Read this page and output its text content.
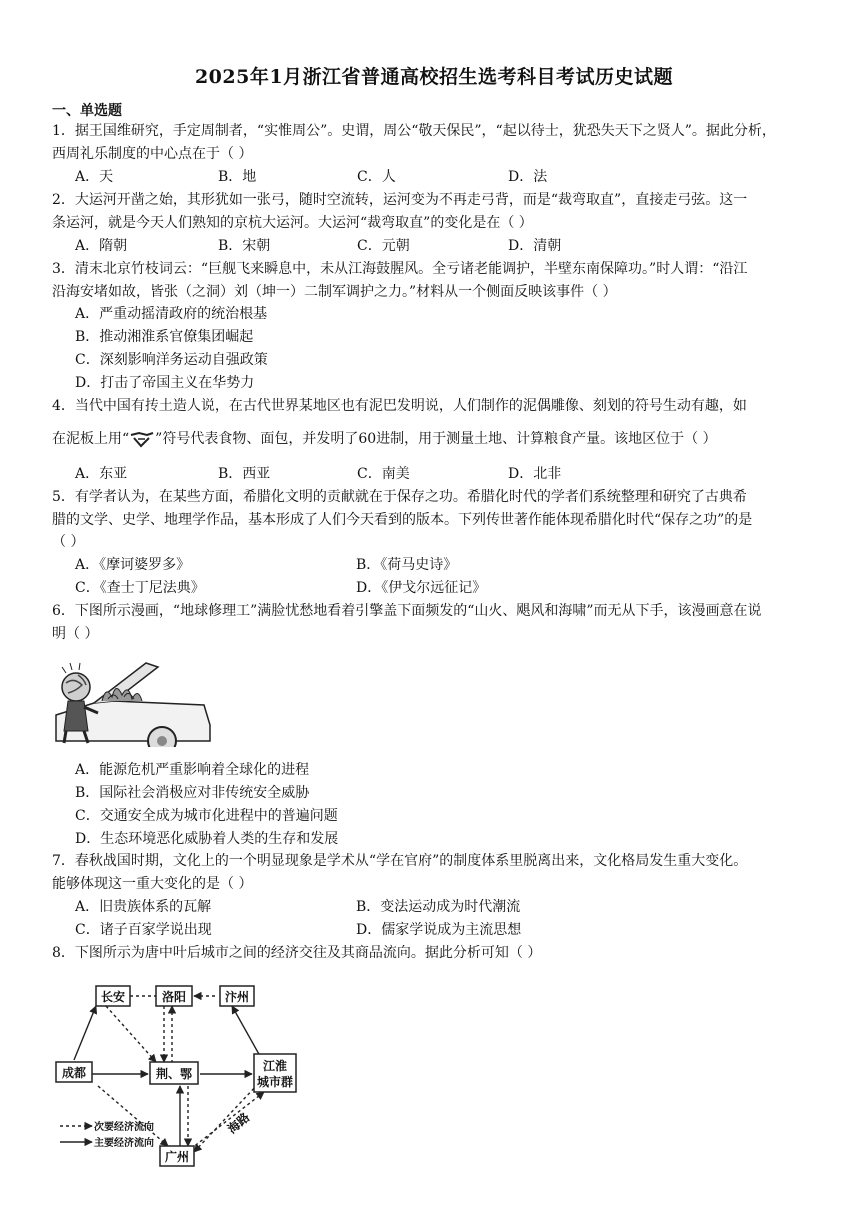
2025年1月浙江省普通高校招生选考科目考试历史试题
一、单选题
1．据王国维研究，手定周制者，“实惟周公”。史谓，周公“敬天保民”，“起以待士，犹恐失天下之贤人”。据此分析，
西周礼乐制度的中心点在于（ ）
A．天	B．地	C．人	D．法
2．大运河开凿之始，其形犹如一张弓，随时空流转，运河变为不再走弓背，而是“裁弯取直”，直接走弓弦。这一
条运河，就是今天人们熟知的京杭大运河。大运河“裁弯取直”的变化是在（ ）
A．隋朝	B．宋朝	C．元朝	D．清朝
3．清末北京竹枝词云：“巨舰飞来瞬息中，未从江海鼓腥风。全亏诸老能调护，半壁东南保障功。”时人谓：“沿江
沿海安堵如故，皆张（之洞）刘（坤一）二制军调护之力。”材料从一个侧面反映该事件（ ）
A．严重动摇清政府的统治根基
B．推动湘淮系官僚集团崛起
C．深刻影响洋务运动自强政策
D．打击了帝国主义在华势力
4．当代中国有抟土造人说，在古代世界某地区也有泥巴发明说，人们制作的泥偶雕像、刻划的符号生动有趣，如
在泥板上用“ ”符号代表食物、面包，并发明了60进制，用于测量土地、计算粮食产量。该地区位于（ ）
A．东亚	B．西亚	C．南美	D．北非
5．有学者认为，在某些方面，希腊化文明的贡献就在于保存之功。希腊化时代的学者们系统整理和研究了古典希
腊的文学、史学、地理学作品，基本形成了人们今天看到的版本。下列传世著作能体现希腊化时代“保存之功”的是
（ ）
A．《摩诃婆罗多》	B．《荷马史诗》
C．《查士丁尼法典》	D．《伊戈尔远征记》
6．下图所示漫画，“地球修理工”满脸忧愁地看着引擎盖下面频发的“山火、飓风和海啸”而无从下手，该漫画意在说
明（ ）
A．能源危机严重影响着全球化的进程
B．国际社会消极应对非传统安全威胁
C．交通安全成为城市化进程中的普遍问题
D．生态环境恶化威胁着人类的生存和发展
7．春秋战国时期，文化上的一个明显现象是学术从“学在官府”的制度体系里脱离出来，文化格局发生重大变化。
能够体现这一重大变化的是（ ）
A．旧贵族体系的瓦解	B．变法运动成为时代潮流
C．诸子百家学说出现	D．儒家学说成为主流思想
8．下图所示为唐中叶后城市之间的经济交往及其商品流向。据此分析可知（ ）
长安	洛阳	汴州
成都	荆、鄂
江淮
城市群
广州
海路
次要经济流向
主要经济流向
